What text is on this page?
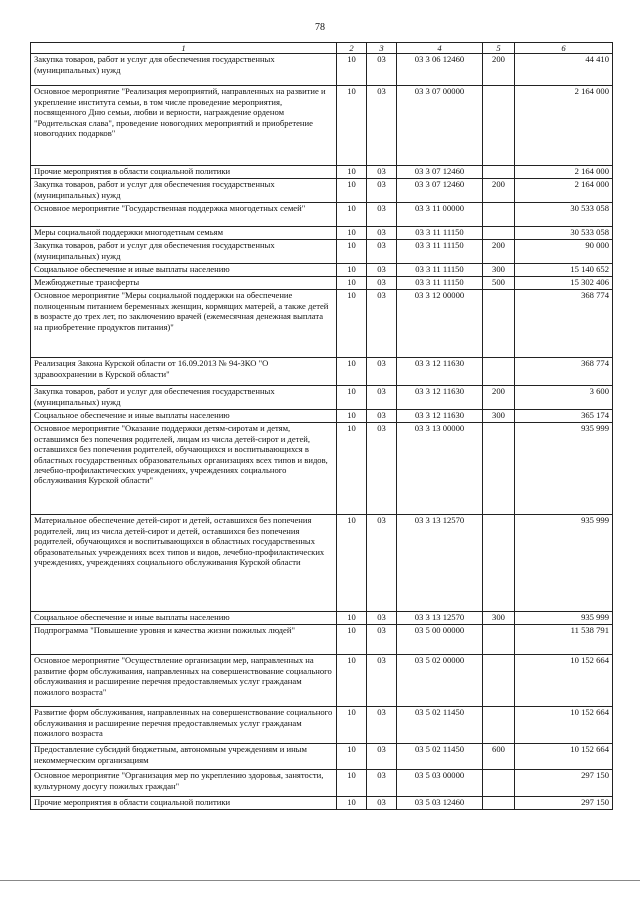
78
1	2	3	4	5	6
Закупка товаров, работ и услуг для обеспечения государственных (муниципальных) нужд	10	03	03 3 06 12460	200	44 410
Основное мероприятие "Реализация мероприятий, направленных на развитие и укрепление института семьи, в том числе проведение мероприятия, посвященного Дню семьи, любви и верности, награждение орденом "Родительская слава", проведение новогодних мероприятий и приобретение новогодних подарков"	10	03	03 3 07 00000		2 164 000
Прочие мероприятия в области социальной политики	10	03	03 3 07 12460		2 164 000
Закупка товаров, работ и услуг для обеспечения государственных (муниципальных) нужд	10	03	03 3 07 12460	200	2 164 000
Основное мероприятие "Государственная поддержка многодетных семей"	10	03	03 3 11 00000		30 533 058
Меры социальной поддержки многодетным семьям	10	03	03 3 11 11150		30 533 058
Закупка товаров, работ и услуг для обеспечения государственных (муниципальных) нужд	10	03	03 3 11 11150	200	90 000
Социальное обеспечение и иные выплаты населению	10	03	03 3 11 11150	300	15 140 652
Межбюджетные трансферты	10	03	03 3 11 11150	500	15 302 406
Основное мероприятие "Меры социальной поддержки на обеспечение полноценным питанием беременных женщин, кормящих матерей, а также детей в возрасте до трех лет, по заключению врачей (ежемесячная денежная выплата на приобретение продуктов питания)"	10	03	03 3 12 00000		368 774
Реализация Закона Курской области от 16.09.2013 № 94-ЗКО "О здравоохранении в Курской области"	10	03	03 3 12 11630		368 774
Закупка товаров, работ и услуг для обеспечения государственных (муниципальных) нужд	10	03	03 3 12 11630	200	3 600
Социальное обеспечение и иные выплаты населению	10	03	03 3 12 11630	300	365 174
Основное мероприятие "Оказание поддержки детям-сиротам и детям, оставшимся без попечения родителей, лицам из числа детей-сирот и детей, оставшихся без попечения родителей, обучающихся и воспитывающихся в областных государственных образовательных организациях всех типов и видов, лечебно-профилактических учреждениях, учреждениях социального обслуживания Курской области"	10	03	03 3 13 00000		935 999
Материальное обеспечение детей-сирот и детей, оставшихся без попечения родителей, лиц из числа детей-сирот и детей, оставшихся без попечения родителей, обучающихся и воспитывающихся в областных государственных образовательных учреждениях всех типов и видов, лечебно-профилактических учреждениях, учреждениях социального обслуживания Курской области	10	03	03 3 13 12570		935 999
Социальное обеспечение и иные выплаты населению	10	03	03 3 13 12570	300	935 999
Подпрограмма "Повышение уровня и качества жизни пожилых людей"	10	03	03 5 00 00000		11 538 791
Основное мероприятие "Осуществление организации мер, направленных на развитие форм обслуживания, направленных на совершенствование социального обслуживания и расширение перечня предоставляемых услуг гражданам пожилого возраста"	10	03	03 5 02 00000		10 152 664
Развитие форм обслуживания, направленных на совершенствование социального обслуживания и расширение перечня предоставляемых услуг гражданам пожилого возраста	10	03	03 5 02 11450		10 152 664
Предоставление субсидий бюджетным, автономным учреждениям и иным некоммерческим организациям	10	03	03 5 02 11450	600	10 152 664
Основное мероприятие "Организация мер по укреплению здоровья, занятости, культурному досугу пожилых граждан"	10	03	03 5 03 00000		297 150
Прочие мероприятия в области социальной политики	10	03	03 5 03 12460		297 150
